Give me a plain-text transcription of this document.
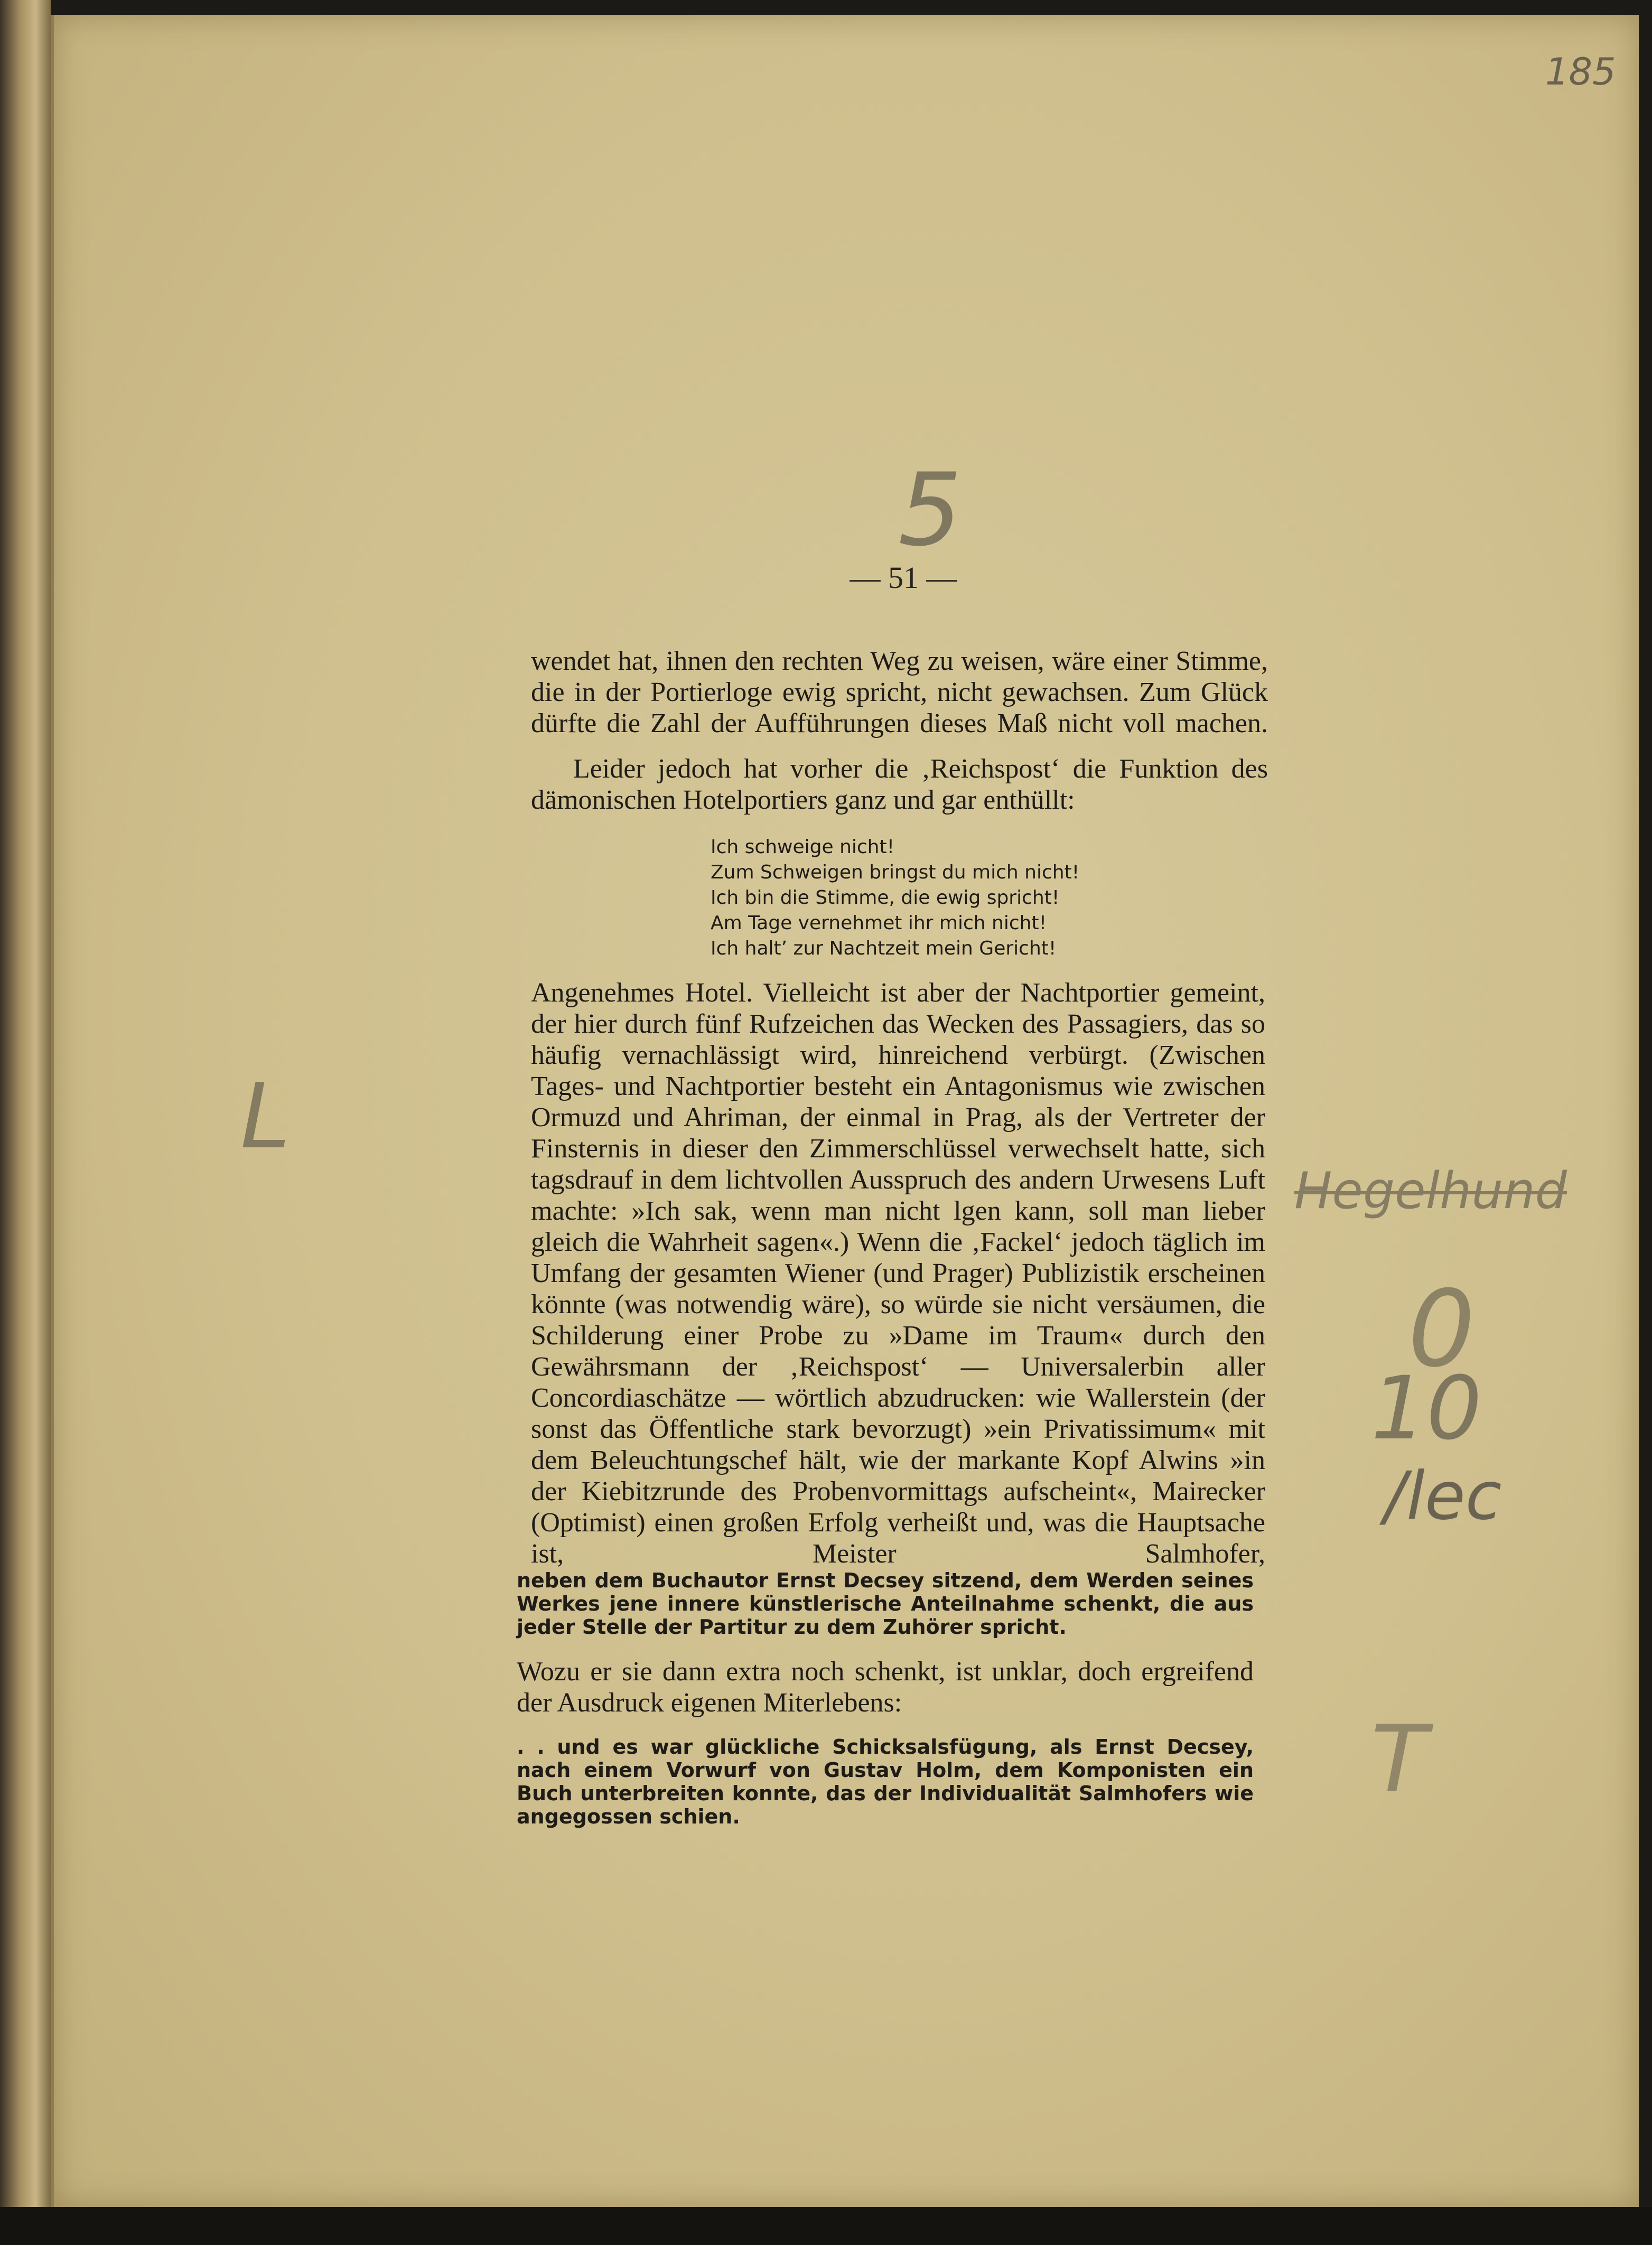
185
5
L
Hegelhund
0
10
/lec
T
— 51 —

wendet hat, ihnen den rechten Weg zu weisen, wäre einer Stimme, die in der Portierloge ewig spricht, nicht gewachsen. Zum Glück dürfte die Zahl der Aufführungen dieses Maß nicht voll machen.

Leider jedoch hat vorher die ‚Reichspost‘ die Funktion des dämonischen Hotelportiers ganz und gar enthüllt:

Ich schweige nicht!
Zum Schweigen bringst du mich nicht!
Ich bin die Stimme, die ewig spricht!
Am Tage vernehmet ihr mich nicht!
Ich halt’ zur Nachtzeit mein Gericht!

Angenehmes Hotel. Vielleicht ist aber der Nachtportier gemeint, der hier durch fünf Rufzeichen das Wecken des Passagiers, das so häufig vernachlässigt wird, hinreichend verbürgt. (Zwischen Tages- und Nachtportier besteht ein Antagonismus wie zwischen Ormuzd und Ahriman, der einmal in Prag, als der Vertreter der Finsternis in dieser den Zimmerschlüssel verwechselt hatte, sich tagsdrauf in dem lichtvollen Ausspruch des andern Urwesens Luft machte: »Ich sak, wenn man nicht lgen kann, soll man lieber gleich die Wahrheit sagen«.) Wenn die ‚Fackel‘ jedoch täglich im Umfang der gesamten Wiener (und Prager) Publizistik erscheinen könnte (was notwendig wäre), so würde sie nicht versäumen, die Schilderung einer Probe zu »Dame im Traum« durch den Gewährsmann der ‚Reichspost‘ — Universalerbin aller Concordiaschätze — wörtlich abzudrucken: wie Wallerstein (der sonst das Öffentliche stark bevorzugt) »ein Privatissimum« mit dem Beleuchtungschef hält, wie der markante Kopf Alwins »in der Kiebitzrunde des Probenvormittags aufscheint«, Mairecker (Optimist) einen großen Erfolg verheißt und, was die Hauptsache ist, Meister Salmhofer,

neben dem Buchautor Ernst Decsey sitzend, dem Werden seines Werkes jene innere künstlerische Anteilnahme schenkt, die aus jeder Stelle der Partitur zu dem Zuhörer spricht.

Wozu er sie dann extra noch schenkt, ist unklar, doch ergreifend der Ausdruck eigenen Miterlebens:

. . und es war glückliche Schicksalsfügung, als Ernst Decsey, nach einem Vorwurf von Gustav Holm, dem Komponisten ein Buch unterbreiten konnte, das der Individualität Salmhofers wie angegossen schien.
